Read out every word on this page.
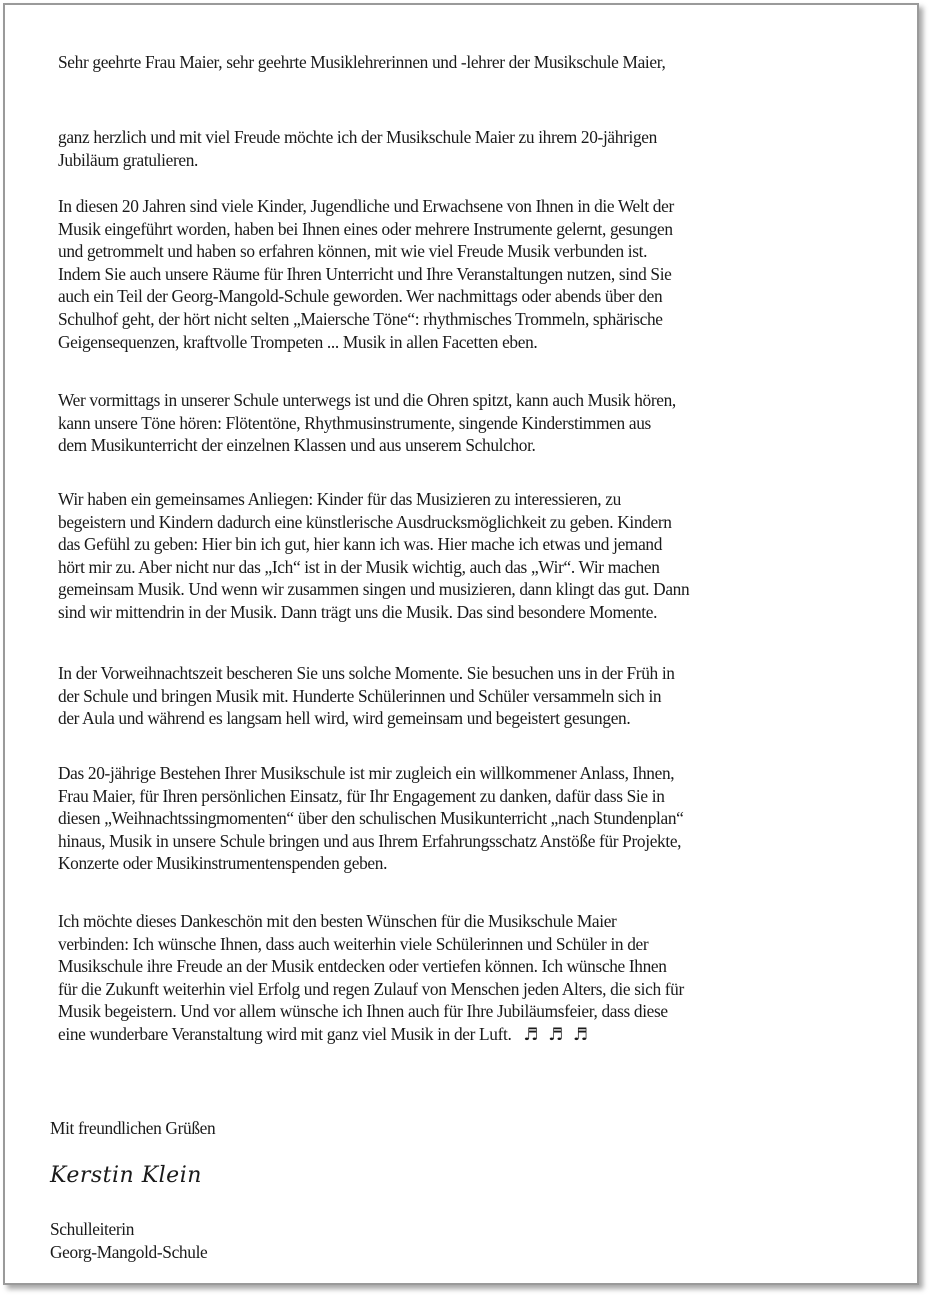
Sehr geehrte Frau Maier, sehr geehrte Musiklehrerinnen und -lehrer der Musikschule Maier,
ganz herzlich und mit viel Freude möchte ich der Musikschule Maier zu ihrem 20-jährigen
Jubiläum gratulieren.
In diesen 20 Jahren sind viele Kinder, Jugendliche und Erwachsene von Ihnen in die Welt der
Musik eingeführt worden, haben bei Ihnen eines oder mehrere Instrumente gelernt, gesungen
und getrommelt und haben so erfahren können, mit wie viel Freude Musik verbunden ist.
Indem Sie auch unsere Räume für Ihren Unterricht und Ihre Veranstaltungen nutzen, sind Sie
auch ein Teil der Georg-Mangold-Schule geworden. Wer nachmittags oder abends über den
Schulhof geht, der hört nicht selten „Maiersche Töne“: rhythmisches Trommeln, sphärische
Geigensequenzen, kraftvolle Trompeten ... Musik in allen Facetten eben.
Wer vormittags in unserer Schule unterwegs ist und die Ohren spitzt, kann auch Musik hören,
kann unsere Töne hören: Flötentöne, Rhythmusinstrumente, singende Kinderstimmen aus
dem Musikunterricht der einzelnen Klassen und aus unserem Schulchor.
Wir haben ein gemeinsames Anliegen: Kinder für das Musizieren zu interessieren, zu
begeistern und Kindern dadurch eine künstlerische Ausdrucksmöglichkeit zu geben. Kindern
das Gefühl zu geben: Hier bin ich gut, hier kann ich was. Hier mache ich etwas und jemand
hört mir zu. Aber nicht nur das „Ich“ ist in der Musik wichtig, auch das „Wir“. Wir machen
gemeinsam Musik. Und wenn wir zusammen singen und musizieren, dann klingt das gut. Dann
sind wir mittendrin in der Musik. Dann trägt uns die Musik. Das sind besondere Momente.
In der Vorweihnachtszeit bescheren Sie uns solche Momente. Sie besuchen uns in der Früh in
der Schule und bringen Musik mit. Hunderte Schülerinnen und Schüler versammeln sich in
der Aula und während es langsam hell wird, wird gemeinsam und begeistert gesungen.
Das 20-jährige Bestehen Ihrer Musikschule ist mir zugleich ein willkommener Anlass, Ihnen,
Frau Maier, für Ihren persönlichen Einsatz, für Ihr Engagement zu danken, dafür dass Sie in
diesen „Weihnachtssingmomenten“ über den schulischen Musikunterricht „nach Stundenplan“
hinaus, Musik in unsere Schule bringen und aus Ihrem Erfahrungsschatz Anstöße für Projekte,
Konzerte oder Musikinstrumentenspenden geben.
Ich möchte dieses Dankeschön mit den besten Wünschen für die Musikschule Maier
verbinden: Ich wünsche Ihnen, dass auch weiterhin viele Schülerinnen und Schüler in der
Musikschule ihre Freude an der Musik entdecken oder vertiefen können. Ich wünsche Ihnen
für die Zukunft weiterhin viel Erfolg und regen Zulauf von Menschen jeden Alters, die sich für
Musik begeistern. Und vor allem wünsche ich Ihnen auch für Ihre Jubiläumsfeier, dass diese
eine wunderbare Veranstaltung wird mit ganz viel Musik in der Luft. ♬♬♬
Mit freundlichen Grüßen
Kerstin Klein
Schulleiterin
Georg-Mangold-Schule
